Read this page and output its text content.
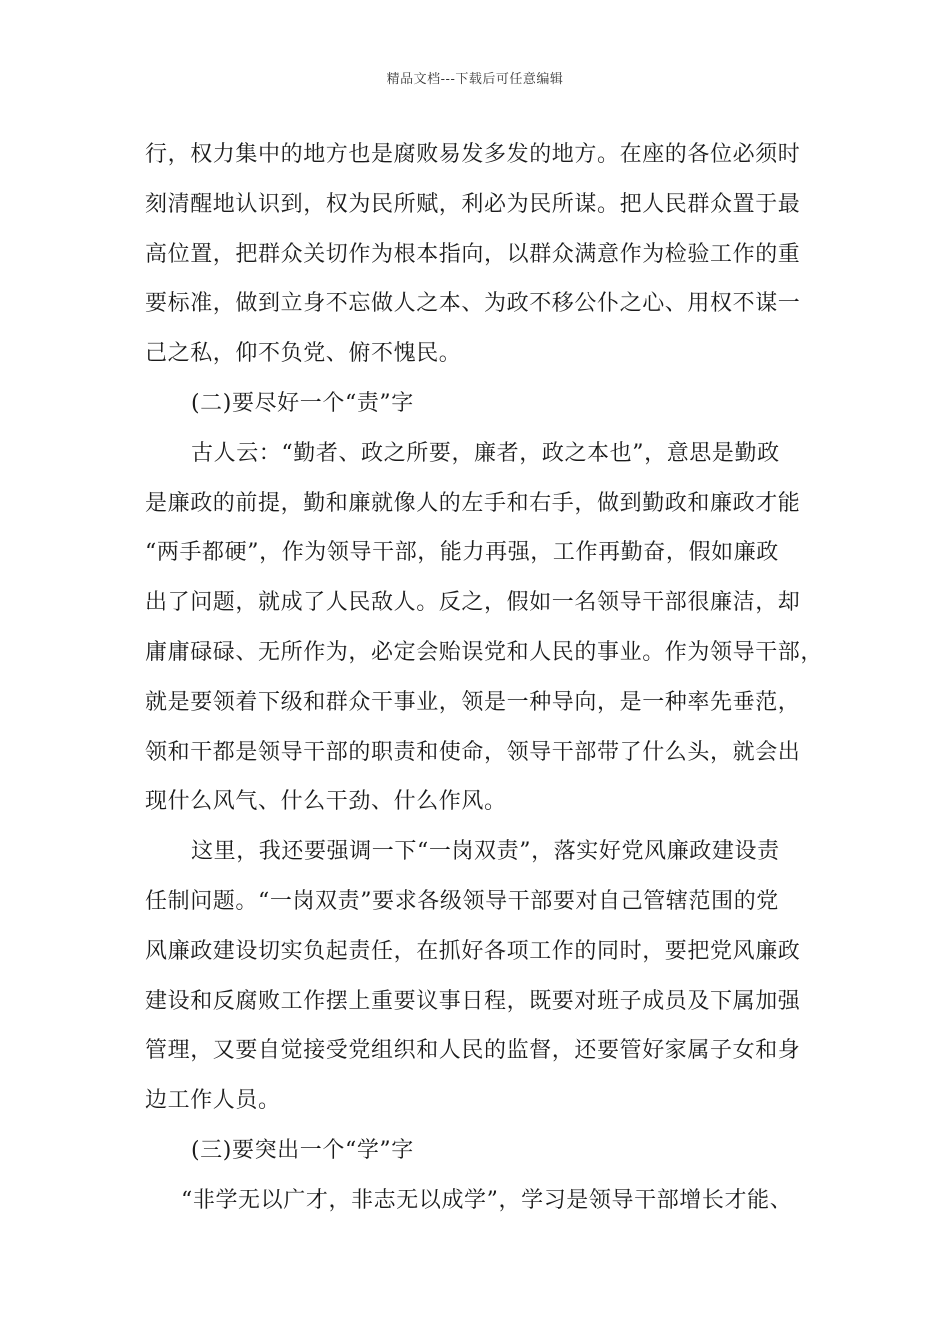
精品文档---下载后可任意编辑
行，权力集中的地方也是腐败易发多发的地方。在座的各位必须时
刻清醒地认识到，权为民所赋，利必为民所谋。把人民群众置于最
高位置，把群众关切作为根本指向，以群众满意作为检验工作的重
要标准，做到立身不忘做人之本、为政不移公仆之心、用权不谋一
己之私，仰不负党、俯不愧民。
(二)要尽好一个“责”字
古人云：“勤者、政之所要，廉者，政之本也”，意思是勤政
是廉政的前提，勤和廉就像人的左手和右手，做到勤政和廉政才能
“两手都硬”，作为领导干部，能力再强，工作再勤奋，假如廉政
出了问题，就成了人民敌人。反之，假如一名领导干部很廉洁，却
庸庸碌碌、无所作为，必定会贻误党和人民的事业。作为领导干部，
就是要领着下级和群众干事业，领是一种导向，是一种率先垂范，
领和干都是领导干部的职责和使命，领导干部带了什么头，就会出
现什么风气、什么干劲、什么作风。
这里，我还要强调一下“一岗双责”，落实好党风廉政建设责
任制问题。“一岗双责”要求各级领导干部要对自己管辖范围的党
风廉政建设切实负起责任，在抓好各项工作的同时，要把党风廉政
建设和反腐败工作摆上重要议事日程，既要对班子成员及下属加强
管理，又要自觉接受党组织和人民的监督，还要管好家属子女和身
边工作人员。
(三)要突出一个“学”字
“非学无以广才，非志无以成学”，学习是领导干部增长才能、
